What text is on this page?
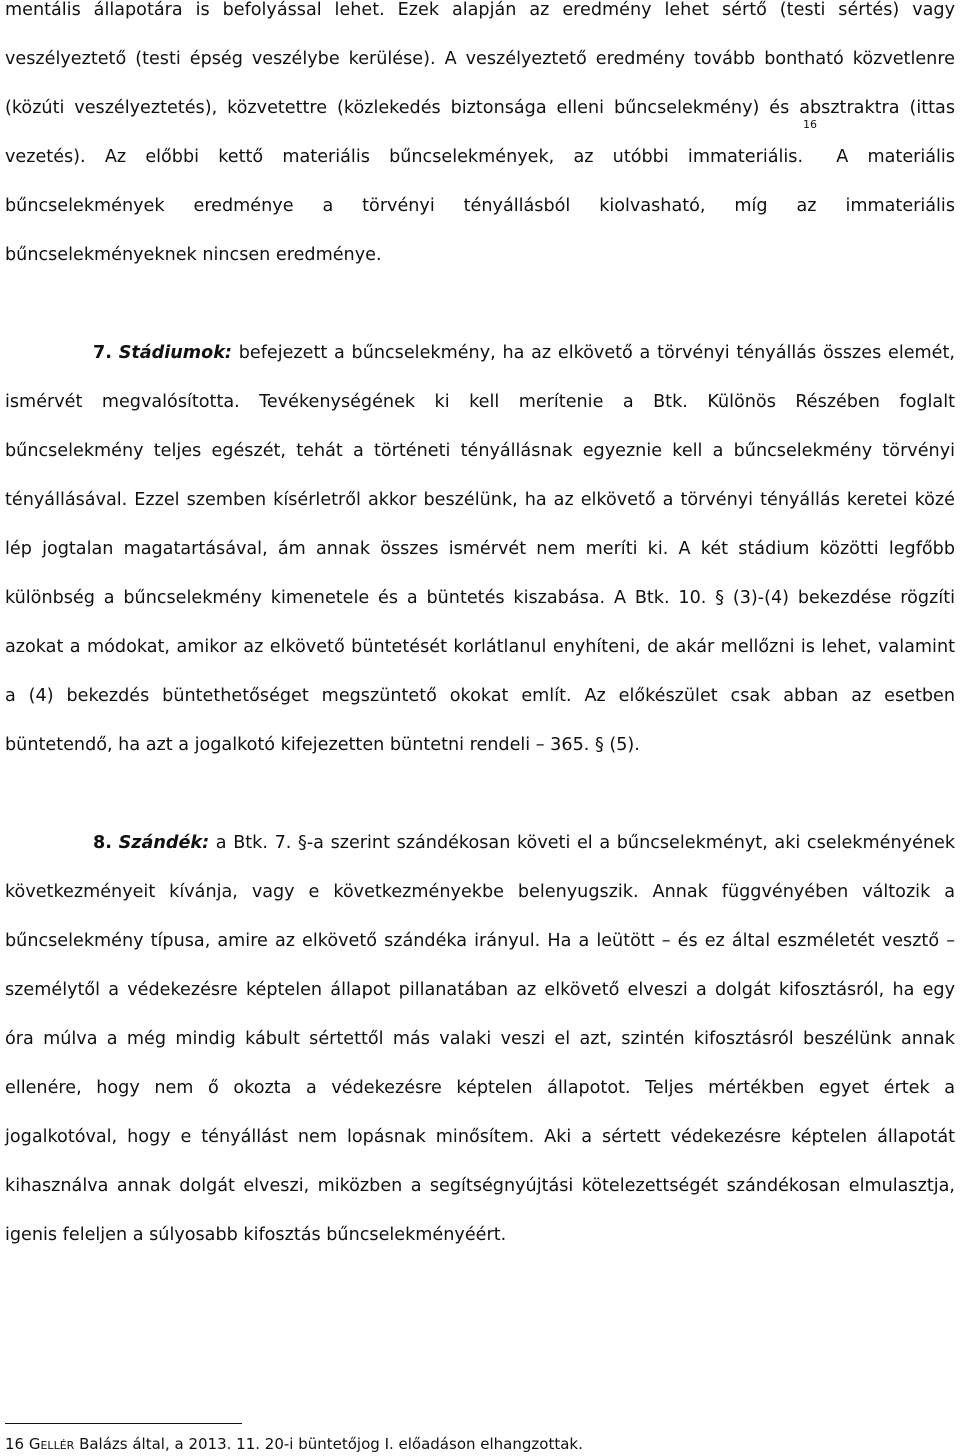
mentális állapotára is befolyással lehet. Ezek alapján az eredmény lehet sértő (testi sértés) vagy veszélyeztető (testi épség veszélybe kerülése). A veszélyeztető eredmény tovább bontható közvetlenre (közúti veszélyeztetés), közvetettre (közlekedés biztonsága elleni bűncselekmény) és absztraktra (ittas vezetés). Az előbbi kettő materiális bűncselekmények, az utóbbi immateriális.$^{16}$ A materiális bűncselekmények eredménye a törvényi tényállásból kiolvasható, míg az immateriális bűncselekményeknek nincsen eredménye.

7. Stádiumok: befejezett a bűncselekmény, ha az elkövető a törvényi tényállás összes elemét, ismérvét megvalósította. Tevékenységének ki kell merítenie a Btk. Különös Részében foglalt bűncselekmény teljes egészét, tehát a történeti tényállásnak egyeznie kell a bűncselekmény törvényi tényállásával. Ezzel szemben kísérletről akkor beszélünk, ha az elkövető a törvényi tényállás keretei közé lép jogtalan magatartásával, ám annak összes ismérvét nem meríti ki. A két stádium közötti legfőbb különbség a bűncselekmény kimenetele és a büntetés kiszabása. A Btk. 10. § (3)-(4) bekezdése rögzíti azokat a módokat, amikor az elkövető büntetését korlátlanul enyhíteni, de akár mellőzni is lehet, valamint a (4) bekezdés büntethetőséget megszüntető okokat említ. Az előkészület csak abban az esetben büntetendő, ha azt a jogalkotó kifejezetten büntetni rendeli – 365. § (5).

8. Szándék: a Btk. 7. §-a szerint szándékosan követi el a bűncselekményt, aki cselekményének következményeit kívánja, vagy e következményekbe belenyugszik. Annak függvényében változik a bűncselekmény típusa, amire az elkövető szándéka irányul. Ha a leütött – és ez által eszméletét vesztő – személytől a védekezésre képtelen állapot pillanatában az elkövető elveszi a dolgát kifosztásról, ha egy óra múlva a még mindig kábult sértettől más valaki veszi el azt, szintén kifosztásról beszélünk annak ellenére, hogy nem ő okozta a védekezésre képtelen állapotot. Teljes mértékben egyet értek a jogalkotóval, hogy e tényállást nem lopásnak minősítem. Aki a sértett védekezésre képtelen állapotát kihasználva annak dolgát elveszi, miközben a segítségnyújtási kötelezettségét szándékosan elmulasztja, igenis feleljen a súlyosabb kifosztás bűncselekményéért.

16 Gellér Balázs által, a 2013. 11. 20-i büntetőjog I. előadáson elhangzottak.
